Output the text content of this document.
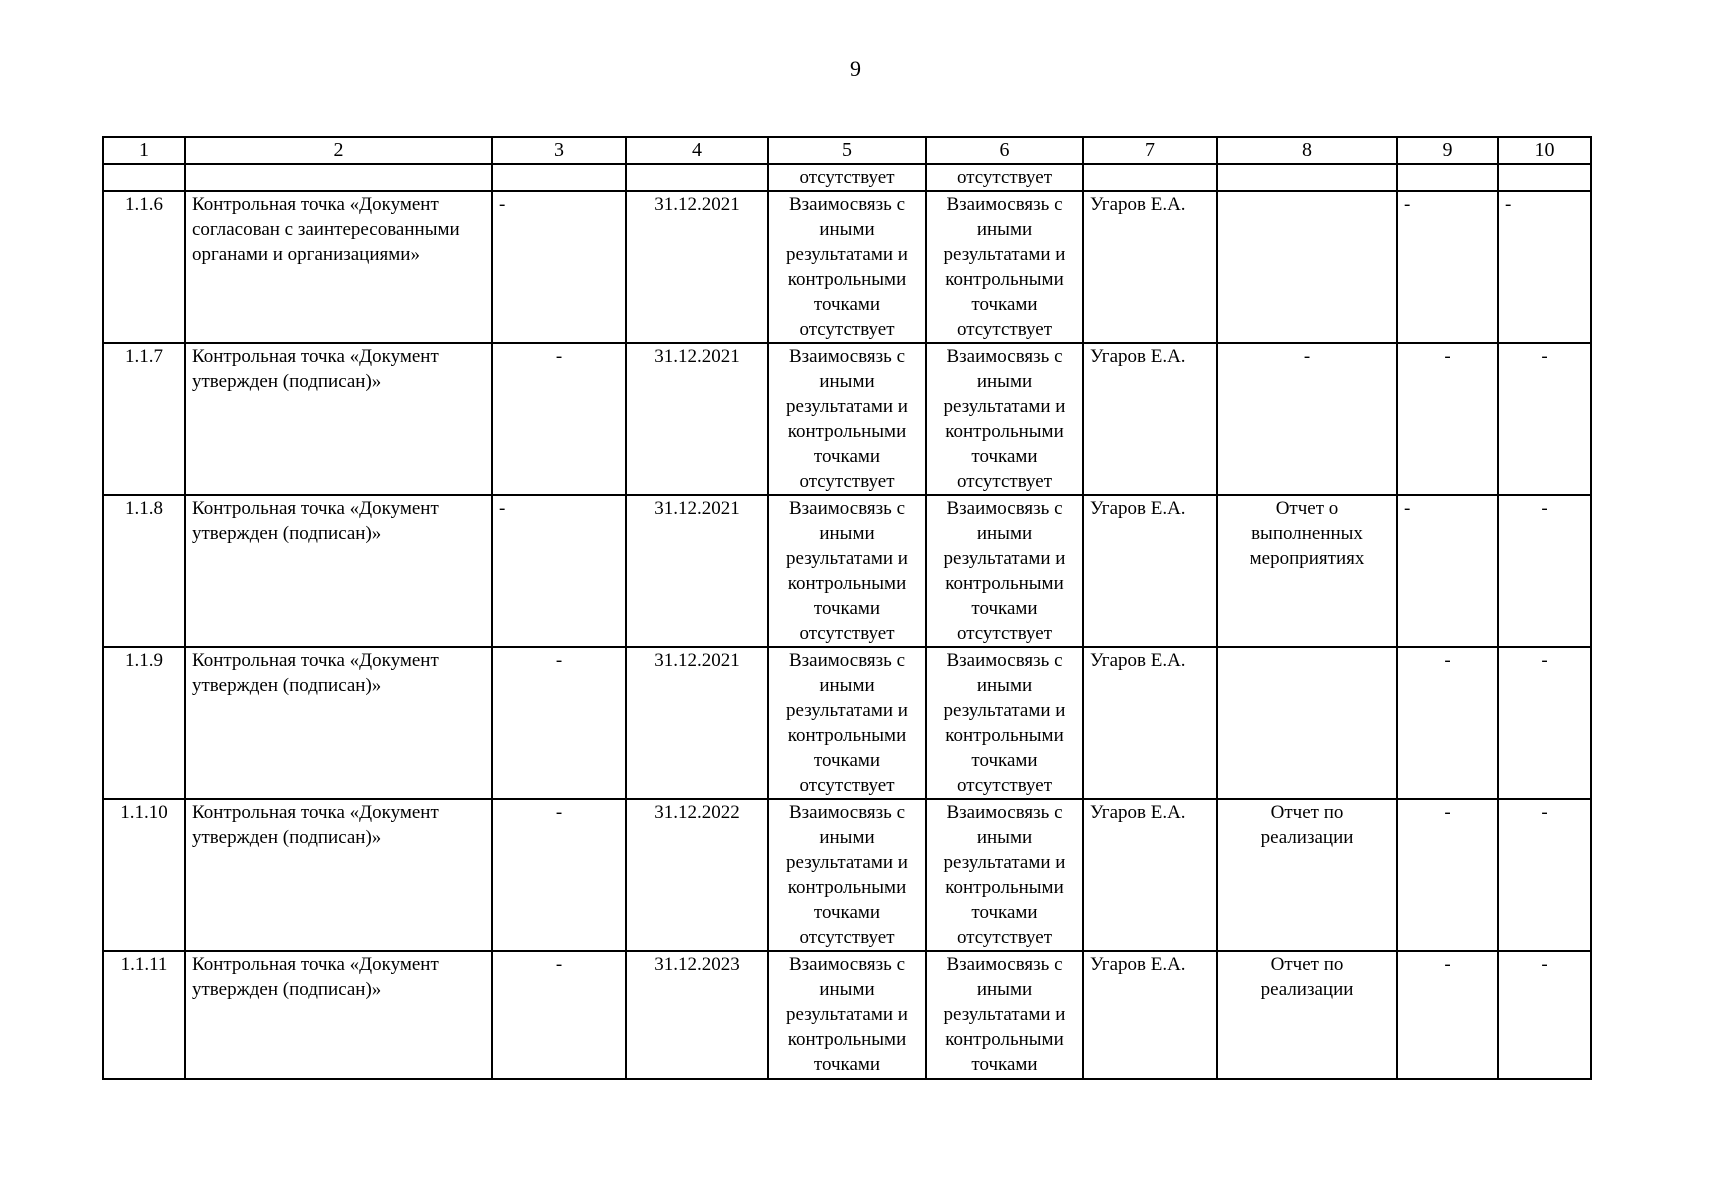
9
1	2	3	4	5	6	7	8	9	10
				отсутствует	отсутствует				
1.1.6	Контрольная точка «Документ согласован с заинтересованными органами и организациями»	-	31.12.2021	Взаимосвязь с иными результатами и контрольными точками отсутствует	Взаимосвязь с иными результатами и контрольными точками отсутствует	Угаров Е.А.		-	-
1.1.7	Контрольная точка «Документ утвержден (подписан)»	-	31.12.2021	Взаимосвязь с иными результатами и контрольными точками отсутствует	Взаимосвязь с иными результатами и контрольными точками отсутствует	Угаров Е.А.	-	-	-
1.1.8	Контрольная точка «Документ утвержден (подписан)»	-	31.12.2021	Взаимосвязь с иными результатами и контрольными точками отсутствует	Взаимосвязь с иными результатами и контрольными точками отсутствует	Угаров Е.А.	Отчет о выполненных мероприятиях	-	-
1.1.9	Контрольная точка «Документ утвержден (подписан)»	-	31.12.2021	Взаимосвязь с иными результатами и контрольными точками отсутствует	Взаимосвязь с иными результатами и контрольными точками отсутствует	Угаров Е.А.		-	-
1.1.10	Контрольная точка «Документ утвержден (подписан)»	-	31.12.2022	Взаимосвязь с иными результатами и контрольными точками отсутствует	Взаимосвязь с иными результатами и контрольными точками отсутствует	Угаров Е.А.	Отчет по реализации	-	-
1.1.11	Контрольная точка «Документ утвержден (подписан)»	-	31.12.2023	Взаимосвязь с иными результатами и контрольными точками	Взаимосвязь с иными результатами и контрольными точками	Угаров Е.А.	Отчет по реализации	-	-
